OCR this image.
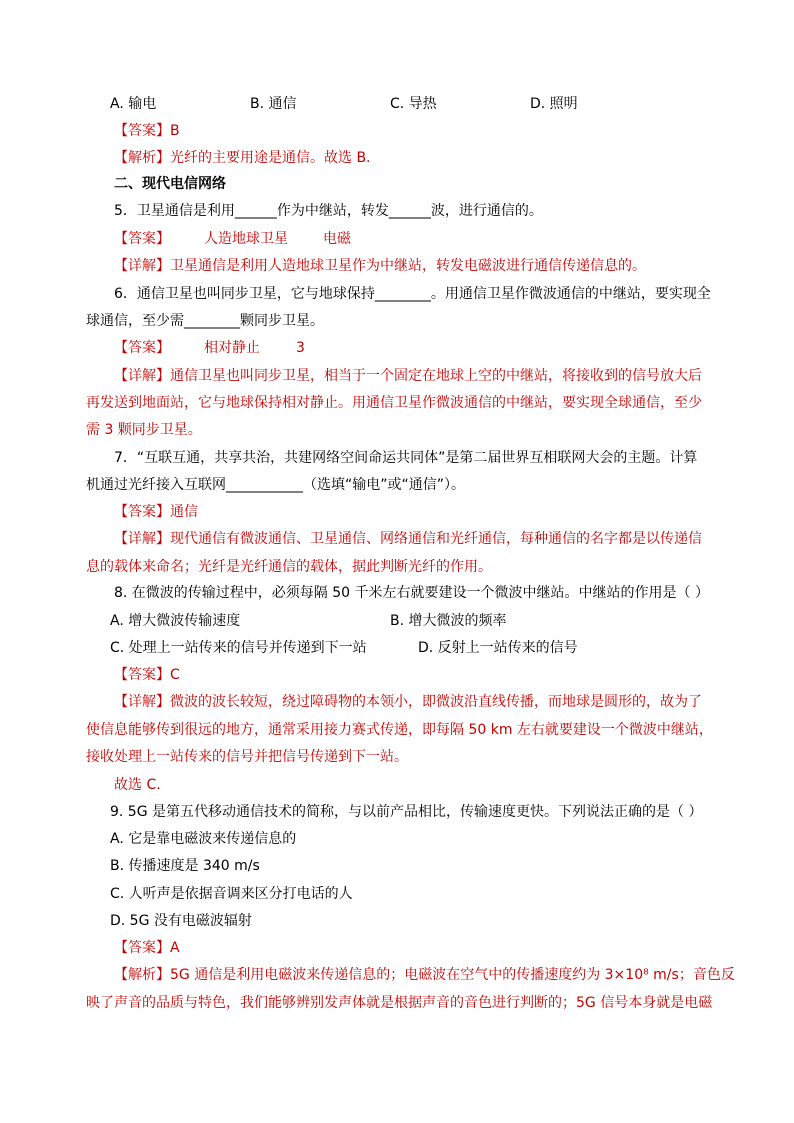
A. 输电	B. 通信	C. 导热	D. 照明
【答案】B
【解析】光纤的主要用途是通信。故选 B.
二、现代电信网络
5．卫星通信是利用______作为中继站，转发______波，进行通信的。
【答案】 人造地球卫星	电磁
【详解】卫星通信是利用人造地球卫星作为中继站，转发电磁波进行通信传递信息的。
6．通信卫星也叫同步卫星，它与地球保持________。用通信卫星作微波通信的中继站，要实现全
球通信，至少需________颗同步卫星。
【答案】 相对静止	3
【详解】通信卫星也叫同步卫星，相当于一个固定在地球上空的中继站，将接收到的信号放大后
再发送到地面站，它与地球保持相对静止。用通信卫星作微波通信的中继站，要实现全球通信，至少
需 3 颗同步卫星。
7．“互联互通，共享共治，共建网络空间命运共同体”是第二届世界互相联网大会的主题。计算
机通过光纤接入互联网___________（选填“输电”或“通信”）。
【答案】通信
【详解】现代通信有微波通信、卫星通信、网络通信和光纤通信，每种通信的名字都是以传递信
息的载体来命名；光纤是光纤通信的载体，据此判断光纤的作用。
8. 在微波的传输过程中，必须每隔 50 千米左右就要建设一个微波中继站。中继站的作用是（ ）
A. 增大微波传输速度	B. 增大微波的频率
C. 处理上一站传来的信号并传递到下一站	D. 反射上一站传来的信号
【答案】C
【详解】微波的波长较短，绕过障碍物的本领小，即微波沿直线传播，而地球是圆形的，故为了
使信息能够传到很远的地方，通常采用接力赛式传递，即每隔 50 km 左右就要建设一个微波中继站，
接收处理上一站传来的信号并把信号传递到下一站。
故选 C.
9. 5G 是第五代移动通信技术的简称，与以前产品相比，传输速度更快。下列说法正确的是（ ）
A. 它是靠电磁波来传递信息的
B. 传播速度是 340 m/s
C. 人听声是依据音调来区分打电话的人
D. 5G 没有电磁波辐射
【答案】A
【解析】5G 通信是利用电磁波来传递信息的；电磁波在空气中的传播速度约为 3×10⁸ m/s；音色反
映了声音的品质与特色，我们能够辨别发声体就是根据声音的音色进行判断的；5G 信号本身就是电磁
